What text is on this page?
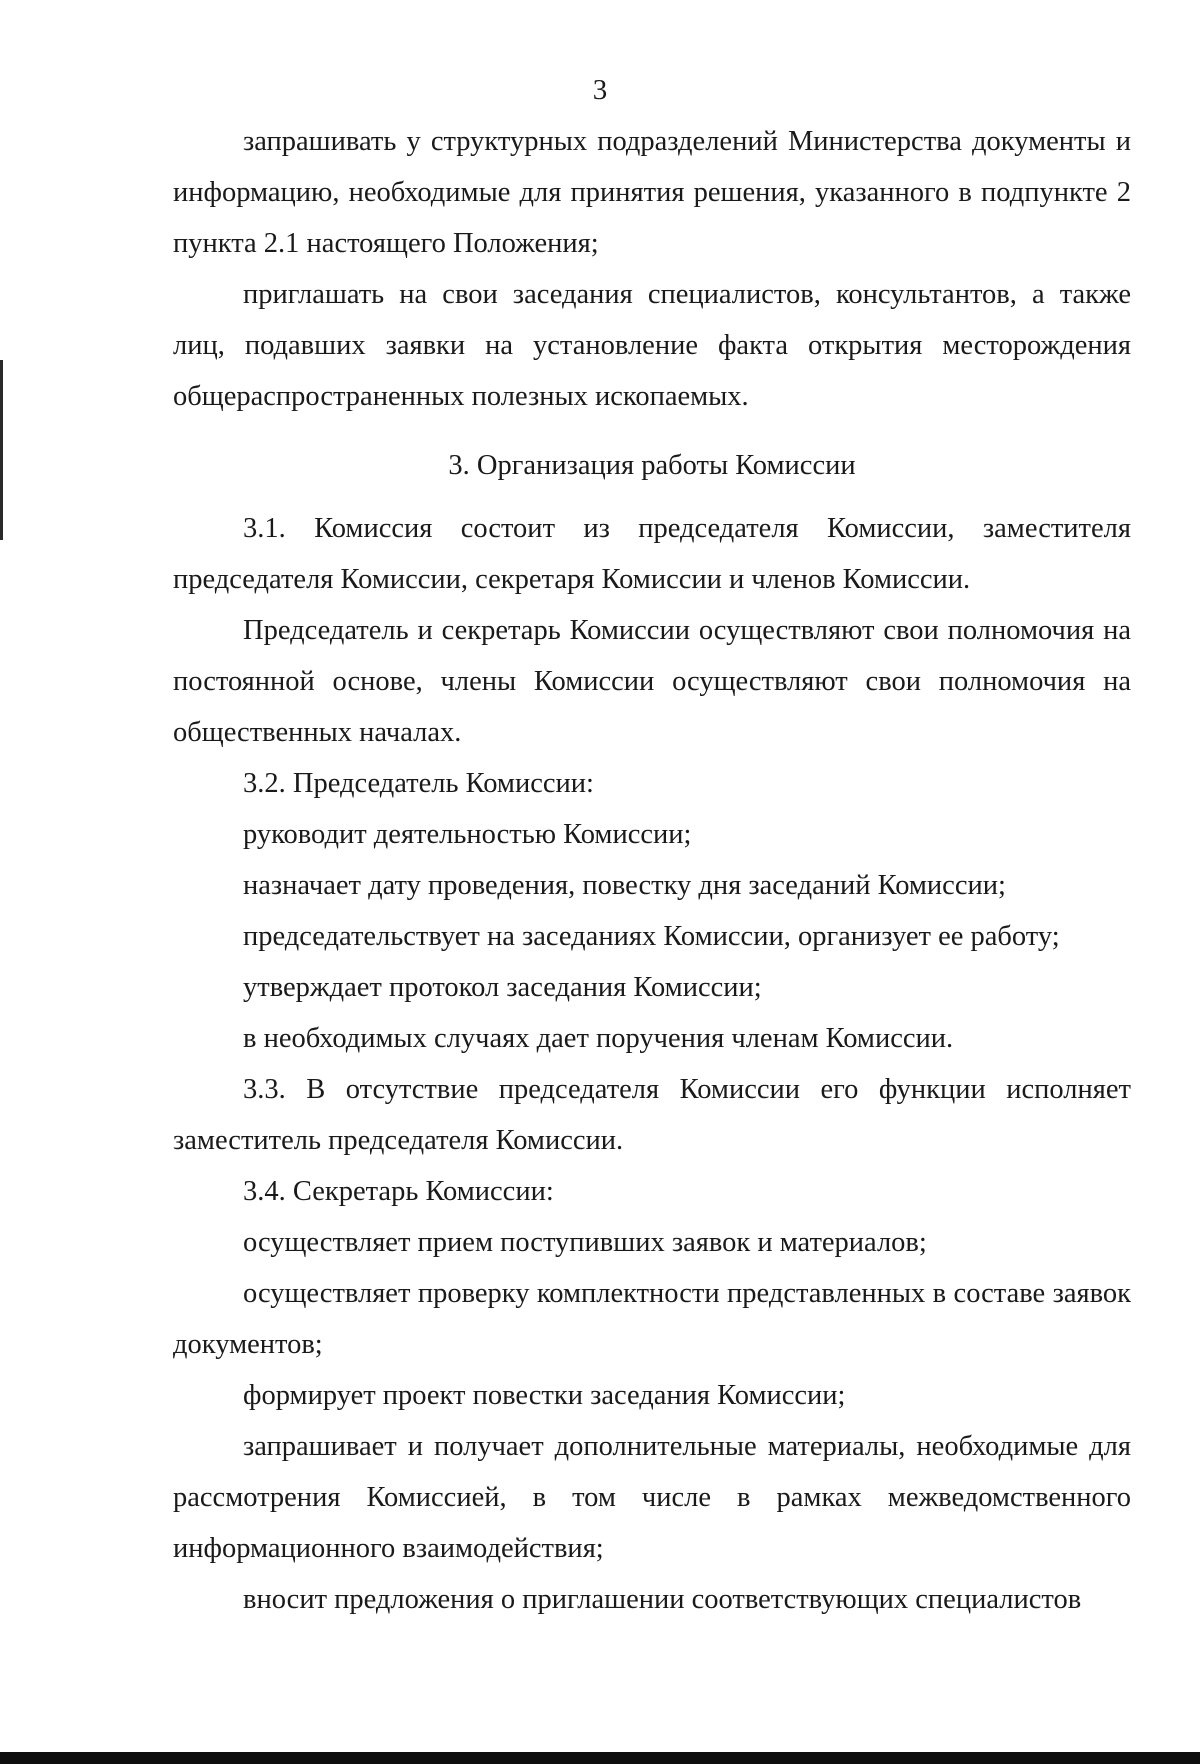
3

запрашивать у структурных подразделений Министерства документы и информацию, необходимые для принятия решения, указанного в подпункте 2 пункта 2.1 настоящего Положения;

приглашать на свои заседания специалистов, консультантов, а также лиц, подавших заявки на установление факта открытия месторождения общераспространенных полезных ископаемых.

3. Организация работы Комиссии

3.1. Комиссия состоит из председателя Комиссии, заместителя председателя Комиссии, секретаря Комиссии и членов Комиссии.

Председатель и секретарь Комиссии осуществляют свои полномочия на постоянной основе, члены Комиссии осуществляют свои полномочия на общественных началах.

3.2. Председатель Комиссии:

руководит деятельностью Комиссии;

назначает дату проведения, повестку дня заседаний Комиссии;

председательствует на заседаниях Комиссии, организует ее работу;

утверждает протокол заседания Комиссии;

в необходимых случаях дает поручения членам Комиссии.

3.3. В отсутствие председателя Комиссии его функции исполняет заместитель председателя Комиссии.

3.4. Секретарь Комиссии:

осуществляет прием поступивших заявок и материалов;

осуществляет проверку комплектности представленных в составе заявок документов;

формирует проект повестки заседания Комиссии;

запрашивает и получает дополнительные материалы, необходимые для рассмотрения Комиссией, в том числе в рамках межведомственного информационного взаимодействия;

вносит предложения о приглашении соответствующих специалистов
